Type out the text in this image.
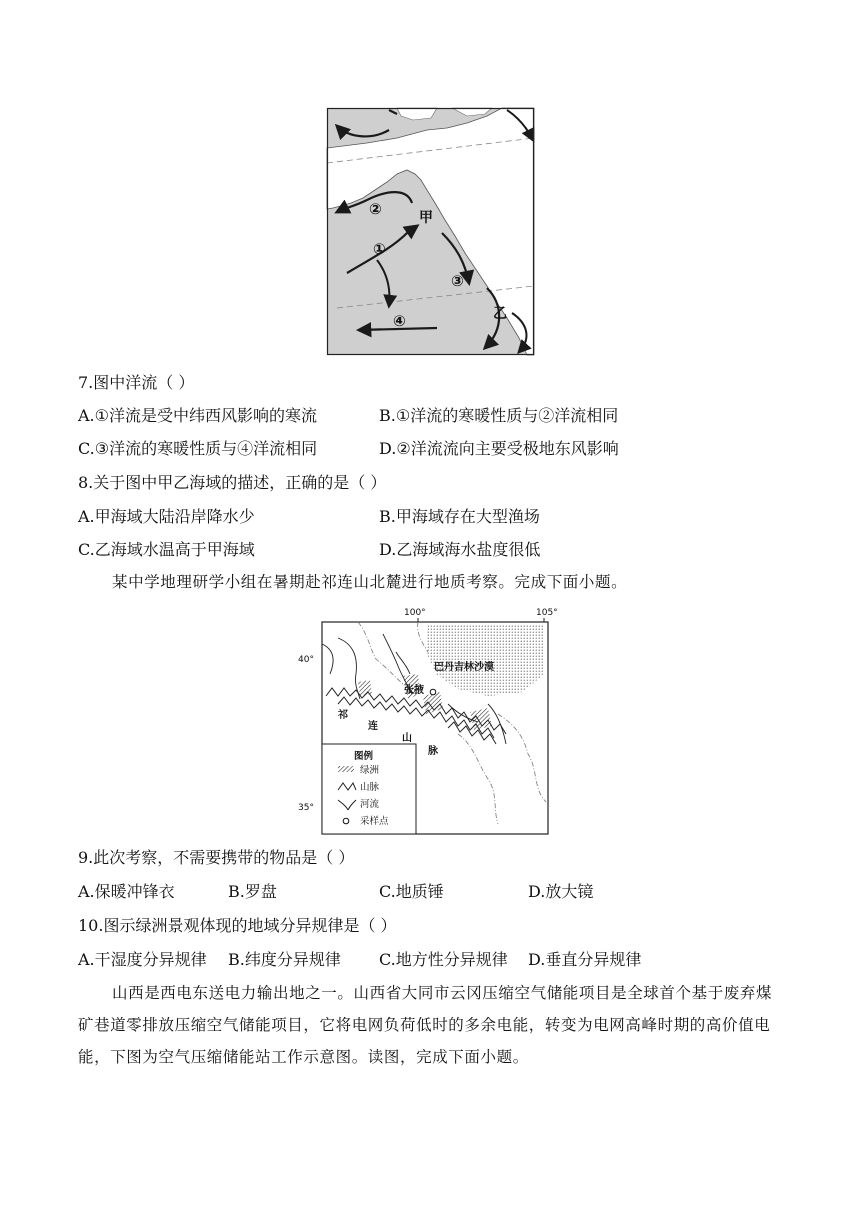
②
①
③
④
甲
乙
7.图中洋流（ ）
A.①洋流是受中纬西风影响的寒流	B.①洋流的寒暖性质与②洋流相同
C.③洋流的寒暖性质与④洋流相同	D.②洋流流向主要受极地东风影响
8.关于图中甲乙海域的描述，正确的是（ ）
A.甲海域大陆沿岸降水少	B.甲海域存在大型渔场
C.乙海域水温高于甲海域	D.乙海域海水盐度很低
某中学地理研学小组在暑期赴祁连山北麓进行地质考察。完成下面小题。
100°	105°
40°
35°
巴丹吉林沙漠
张掖
祁
连
山
脉
图例
绿洲
山脉
河流
采样点
9.此次考察，不需要携带的物品是（ ）
A.保暖冲锋衣	B.罗盘	C.地质锤	D.放大镜
10.图示绿洲景观体现的地域分异规律是（ ）
A.干湿度分异规律 B.纬度分异规律 C.地方性分异规律 D.垂直分异规律
山西是西电东送电力输出地之一。山西省大同市云冈压缩空气储能项目是全球首个基于废弃煤矿巷道零排放压缩空气储能项目，它将电网负荷低时的多余电能，转变为电网高峰时期的高价值电能，下图为空气压缩储能站工作示意图。读图，完成下面小题。
